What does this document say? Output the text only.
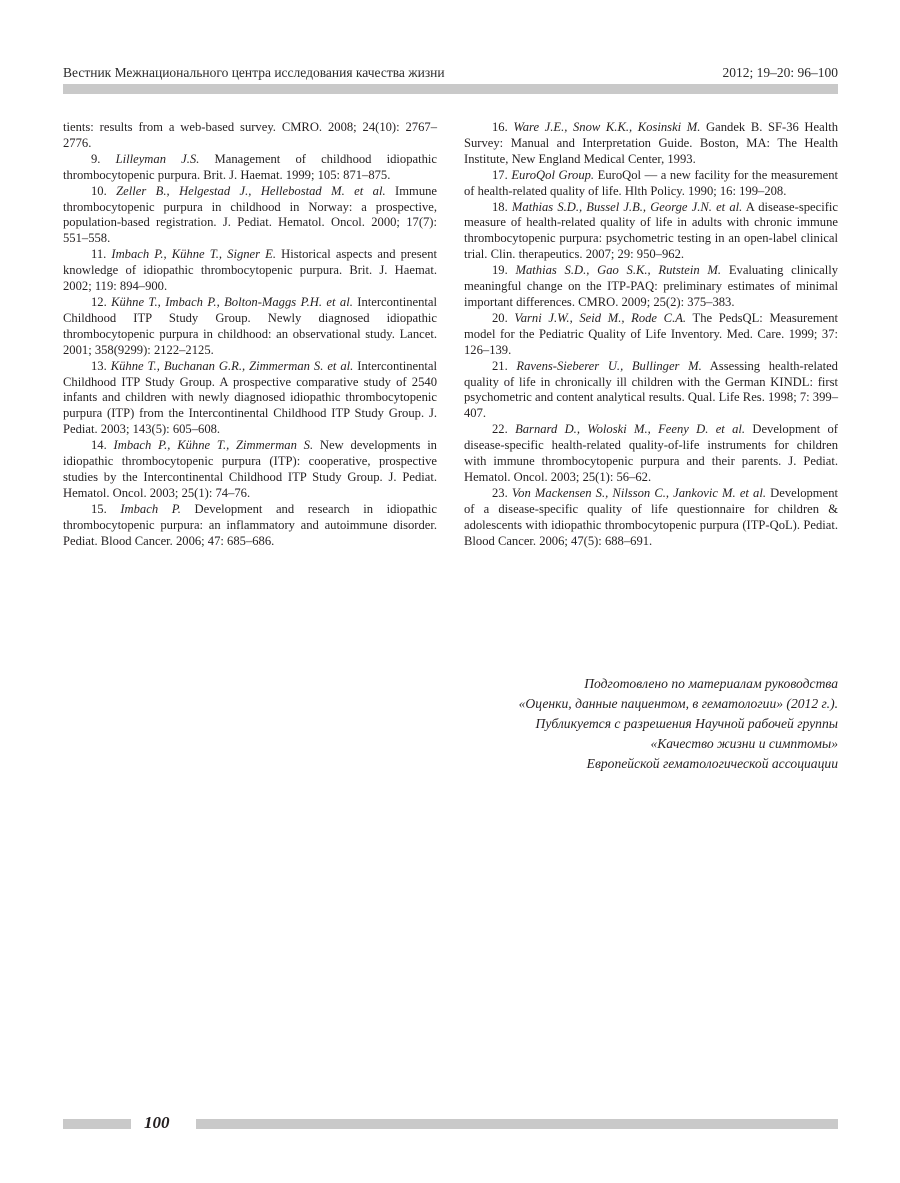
Вестник Межнационального центра исследования качества жизни	2012; 19–20: 96–100

tients: results from a web-based survey. CMRO. 2008; 24(10): 2767–2776.

9. Lilleyman J.S. Management of childhood idiopathic thrombocytopenic purpura. Brit. J. Haemat. 1999; 105: 871–875.

10. Zeller B., Helgestad J., Hellebostad M. et al. Immune thrombocytopenic purpura in childhood in Norway: a prospective, population-based registration. J. Pediat. Hematol. Oncol. 2000; 17(7): 551–558.

11. Imbach P., Kühne T., Signer E. Historical aspects and present knowledge of idiopathic thrombocytopenic purpura. Brit. J. Haemat. 2002; 119: 894–900.

12. Kühne T., Imbach P., Bolton-Maggs P.H. et al. Intercontinental Childhood ITP Study Group. Newly diagnosed idiopathic thrombocytopenic purpura in childhood: an observational study. Lancet. 2001; 358(9299): 2122–2125.

13. Kühne T., Buchanan G.R., Zimmerman S. et al. Intercontinental Childhood ITP Study Group. A prospective comparative study of 2540 infants and children with newly diagnosed idiopathic thrombocytopenic purpura (ITP) from the Intercontinental Childhood ITP Study Group. J. Pediat. 2003; 143(5): 605–608.

14. Imbach P., Kühne T., Zimmerman S. New developments in idiopathic thrombocytopenic purpura (ITP): cooperative, prospective studies by the Intercontinental Childhood ITP Study Group. J. Pediat. Hematol. Oncol. 2003; 25(1): 74–76.

15. Imbach P. Development and research in idiopathic thrombocytopenic purpura: an inflammatory and autoimmune disorder. Pediat. Blood Cancer. 2006; 47: 685–686.

16. Ware J.E., Snow K.K., Kosinski M. Gandek B. SF-36 Health Survey: Manual and Interpretation Guide. Boston, MA: The Health Institute, New England Medical Center, 1993.

17. EuroQol Group. EuroQol — a new facility for the measurement of health-related quality of life. Hlth Policy. 1990; 16: 199–208.

18. Mathias S.D., Bussel J.B., George J.N. et al. A disease-specific measure of health-related quality of life in adults with chronic immune thrombocytopenic purpura: psychometric testing in an open-label clinical trial. Clin. therapeutics. 2007; 29: 950–962.

19. Mathias S.D., Gao S.K., Rutstein M. Evaluating clinically meaningful change on the ITP-PAQ: preliminary estimates of minimal important differences. CMRO. 2009; 25(2): 375–383.

20. Varni J.W., Seid M., Rode C.A. The PedsQL: Measurement model for the Pediatric Quality of Life Inventory. Med. Care. 1999; 37: 126–139.

21. Ravens-Sieberer U., Bullinger M. Assessing health-related quality of life in chronically ill children with the German KINDL: first psychometric and content analytical results. Qual. Life Res. 1998; 7: 399–407.

22. Barnard D., Woloski M., Feeny D. et al. Development of disease-specific health-related quality-of-life instruments for children with immune thrombocytopenic purpura and their parents. J. Pediat. Hematol. Oncol. 2003; 25(1): 56–62.

23. Von Mackensen S., Nilsson C., Jankovic M. et al. Development of a disease-specific quality of life questionnaire for children & adolescents with idiopathic thrombocytopenic purpura (ITP-QoL). Pediat. Blood Cancer. 2006; 47(5): 688–691.

Подготовлено по материалам руководства
«Оценки, данные пациентом, в гематологии» (2012 г.).
Публикуется с разрешения Научной рабочей группы
«Качество жизни и симптомы»
Европейской гематологической ассоциации
100
